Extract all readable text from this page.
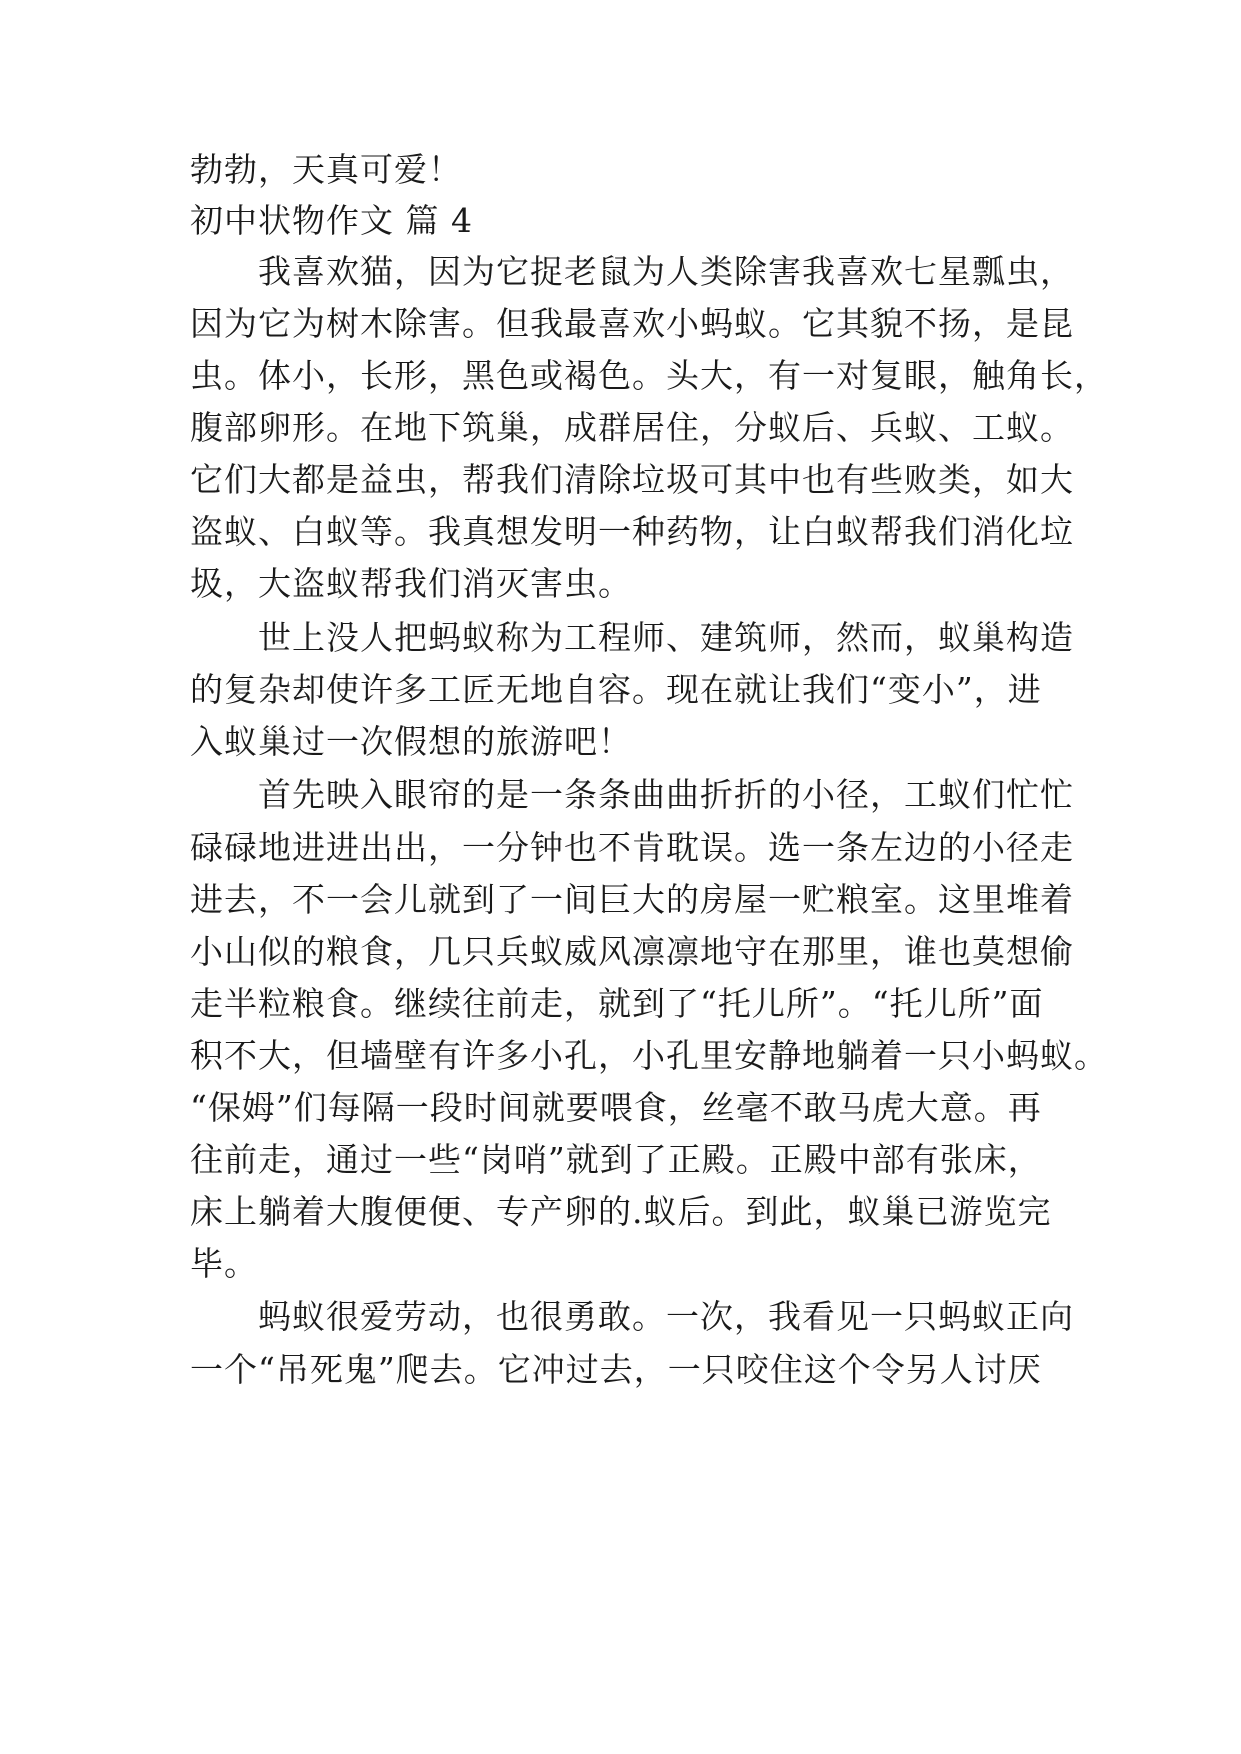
勃勃，天真可爱！
初中状物作文 篇 4
我喜欢猫，因为它捉老鼠为人类除害我喜欢七星瓢虫，
因为它为树木除害。但我最喜欢小蚂蚁。它其貌不扬，是昆
虫。体小，长形，黑色或褐色。头大，有一对复眼，触角长，
腹部卵形。在地下筑巢，成群居住，分蚁后、兵蚁、工蚁。
它们大都是益虫，帮我们清除垃圾可其中也有些败类，如大
盗蚁、白蚁等。我真想发明一种药物，让白蚁帮我们消化垃
圾，大盗蚁帮我们消灭害虫。
世上没人把蚂蚁称为工程师、建筑师，然而，蚁巢构造
的复杂却使许多工匠无地自容。现在就让我们“变小”，进
入蚁巢过一次假想的旅游吧！
首先映入眼帘的是一条条曲曲折折的小径，工蚁们忙忙
碌碌地进进出出，一分钟也不肯耽误。选一条左边的小径走
进去，不一会儿就到了一间巨大的房屋一贮粮室。这里堆着
小山似的粮食，几只兵蚁威风凛凛地守在那里，谁也莫想偷
走半粒粮食。继续往前走，就到了“托儿所”。“托儿所”面
积不大，但墙壁有许多小孔，小孔里安静地躺着一只小蚂蚁。
“保姆”们每隔一段时间就要喂食，丝毫不敢马虎大意。再
往前走，通过一些“岗哨”就到了正殿。正殿中部有张床，
床上躺着大腹便便、专产卵的.蚁后。到此，蚁巢已游览完
毕。
蚂蚁很爱劳动，也很勇敢。一次，我看见一只蚂蚁正向
一个“吊死鬼”爬去。它冲过去，一只咬住这个令另人讨厌
